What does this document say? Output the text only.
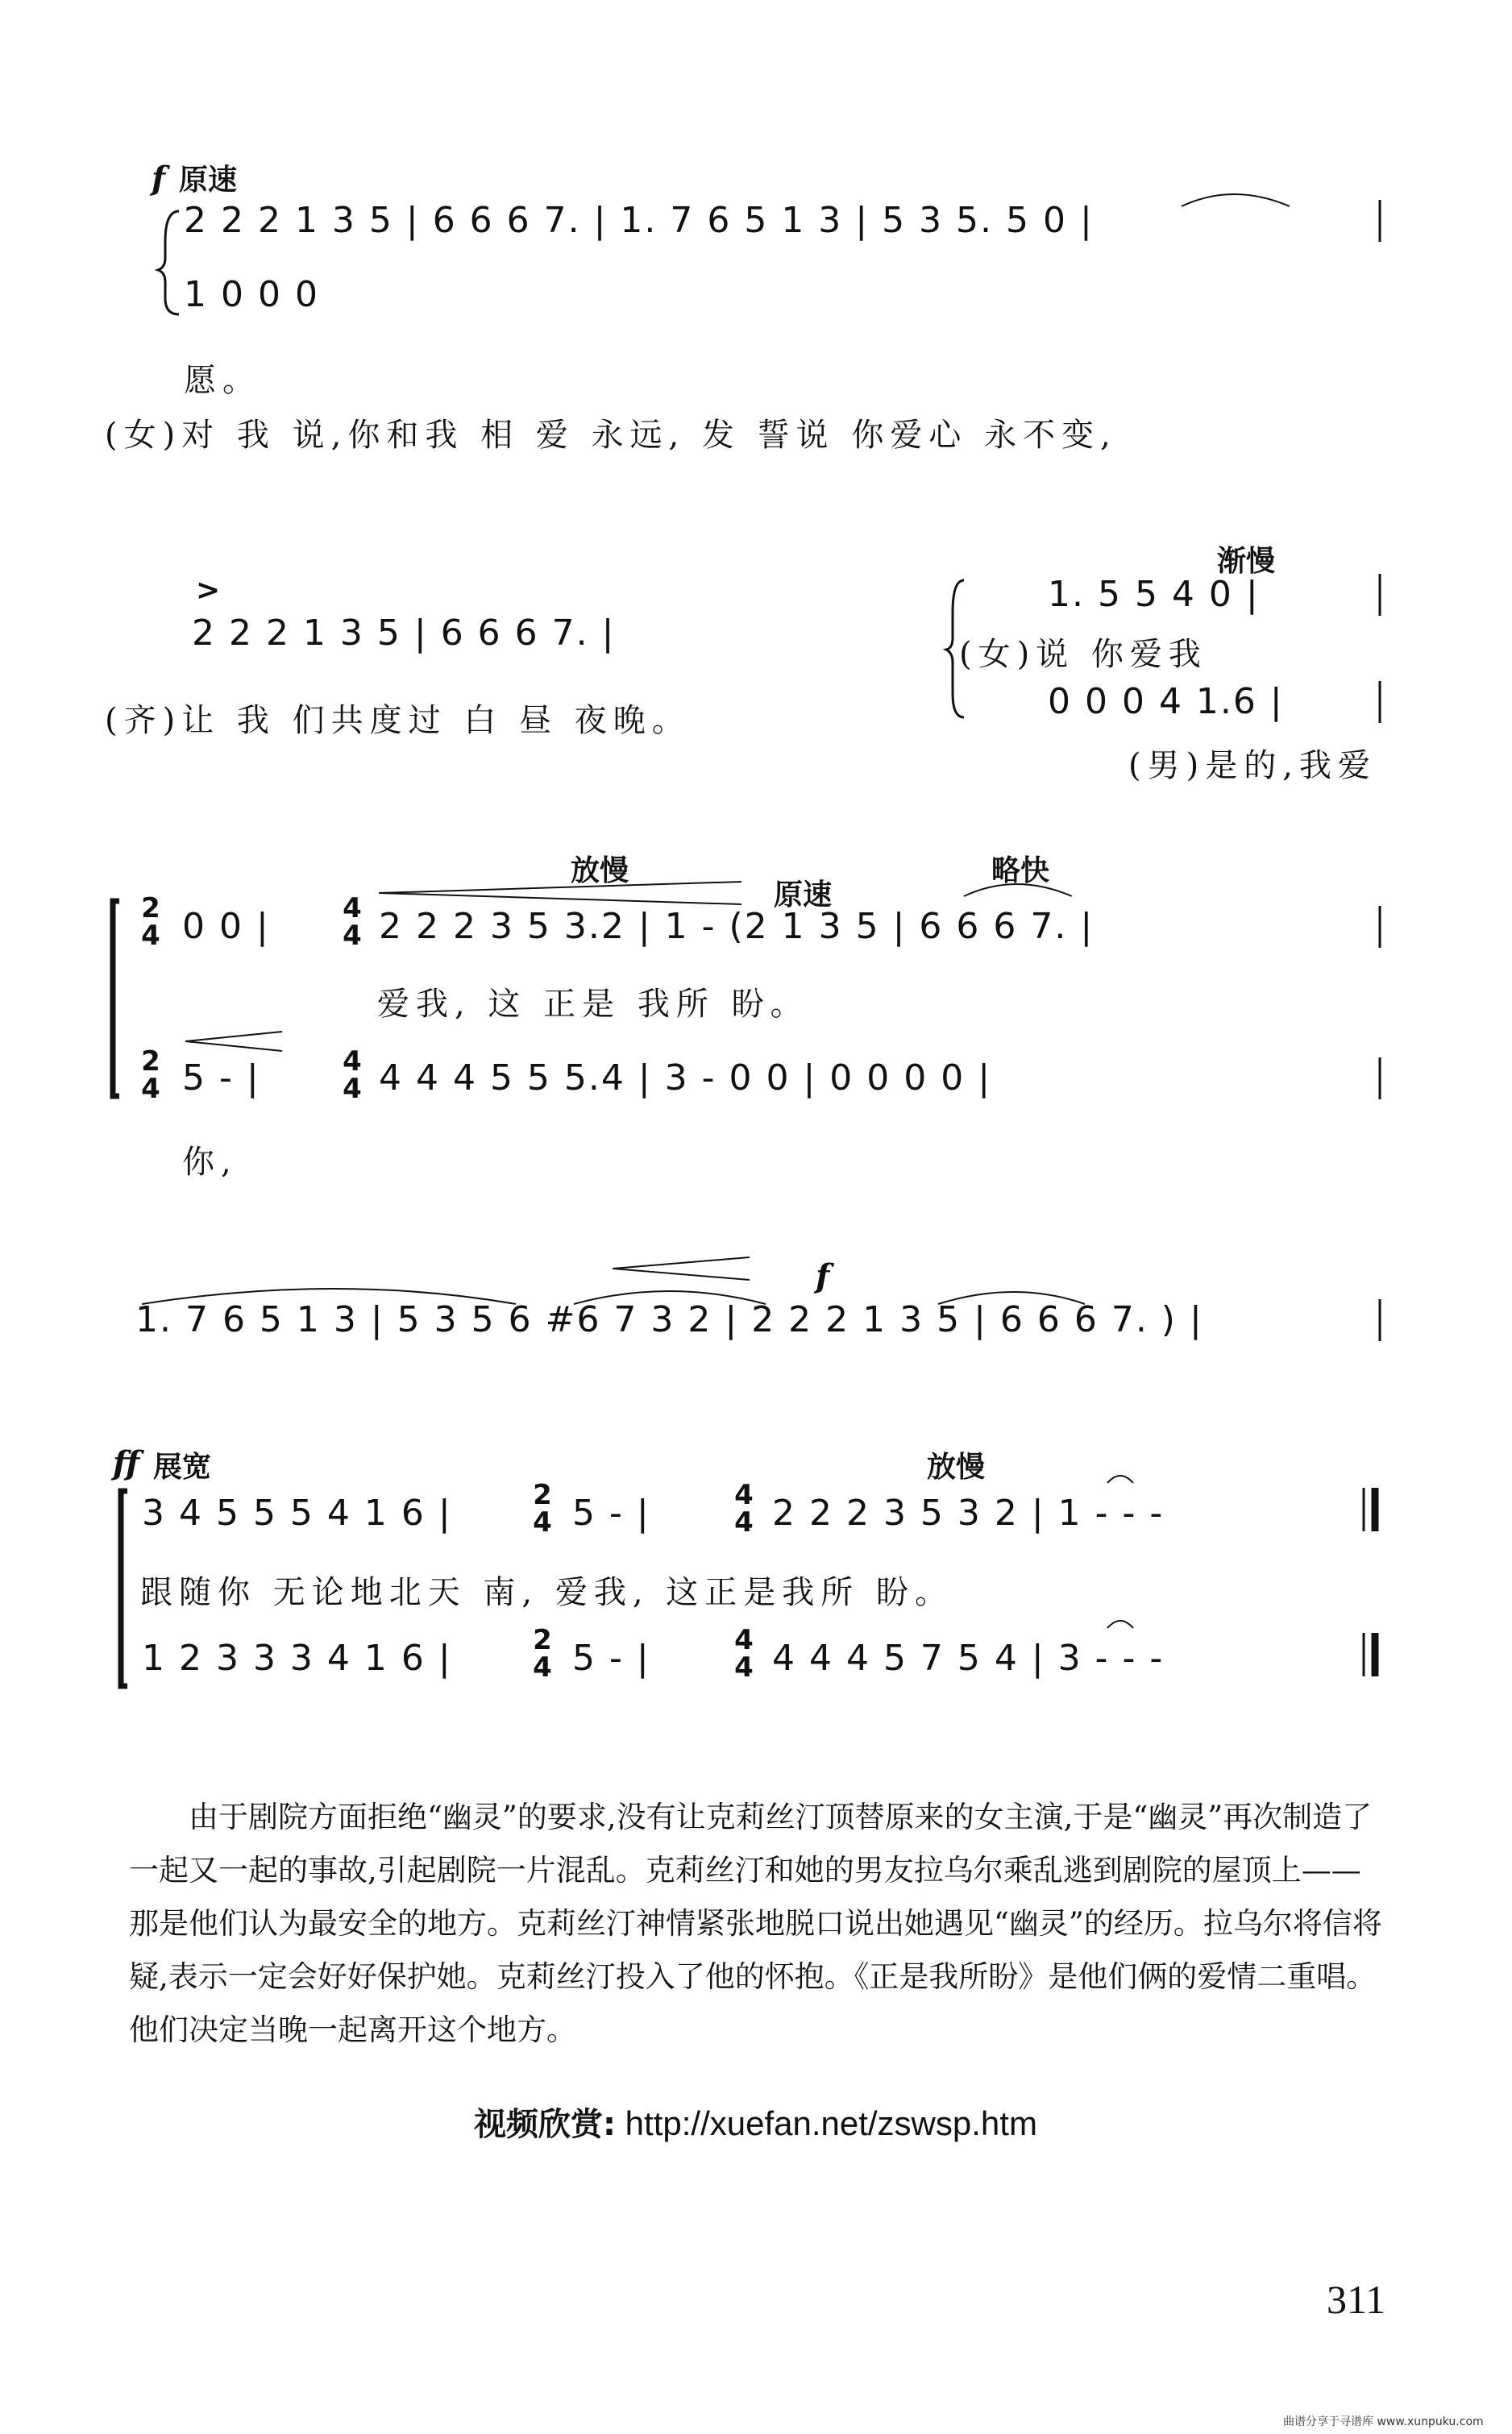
f 原速
2 2 2 1 3 5 | 6 6 6 7. | 1. 7 6 5 1 3 | 5 3 5. 5 0 |
1 0 0 0
愿。
(女)对 我 说,你和我 相 爱 永远, 发 誓说 你爱心 永不变,
>
2 2 2 1 3 5 | 6 6 6 7. |
(齐)让 我 们共度过 白 昼 夜晚。
渐慢
1. 5 5 4 0 |
(女)说 你爱我
0 0 0 4 1.6 |
(男)是的,我爱
放慢
原速
略快
2
4 0 0 |	4
4 2 2 2 3 5 3.2 | 1 - (2 1 3 5 | 6 6 6 7. |
爱我, 这 正是 我所 盼。
2
4 5 - |	4
4 4 4 4 5 5 5.4 | 3 - 0 0 | 0 0 0 0 |
你,
f
1. 7 6 5 1 3 | 5 3 5 6 #6 7 3 2 | 2 2 2 1 3 5 | 6 6 6 7. ) |
ff 展宽	放慢
3 4 5 5 5 4 1 6 |	2
4 5 - |	4
4 2 2 2 3 5 3 2 | 1 - - -
跟随你 无论地北天 南, 爱我, 这正是我所 盼。
1 2 3 3 3 4 1 6 |	2
4 5 - |	4
4 4 4 4 5 7 5 4 | 3 - - -
由于剧院方面拒绝“幽灵”的要求,没有让克莉丝汀顶替原来的女主演,于是“幽灵”再次制造了一起又一起的事故,引起剧院一片混乱。克莉丝汀和她的男友拉乌尔乘乱逃到剧院的屋顶上——那是他们认为最安全的地方。克莉丝汀神情紧张地脱口说出她遇见“幽灵”的经历。拉乌尔将信将疑,表示一定会好好保护她。克莉丝汀投入了他的怀抱。《正是我所盼》是他们俩的爱情二重唱。他们决定当晚一起离开这个地方。
视频欣赏: http://xuefan.net/zswsp.htm
311
曲谱分享于寻谱库 www.xunpuku.com
